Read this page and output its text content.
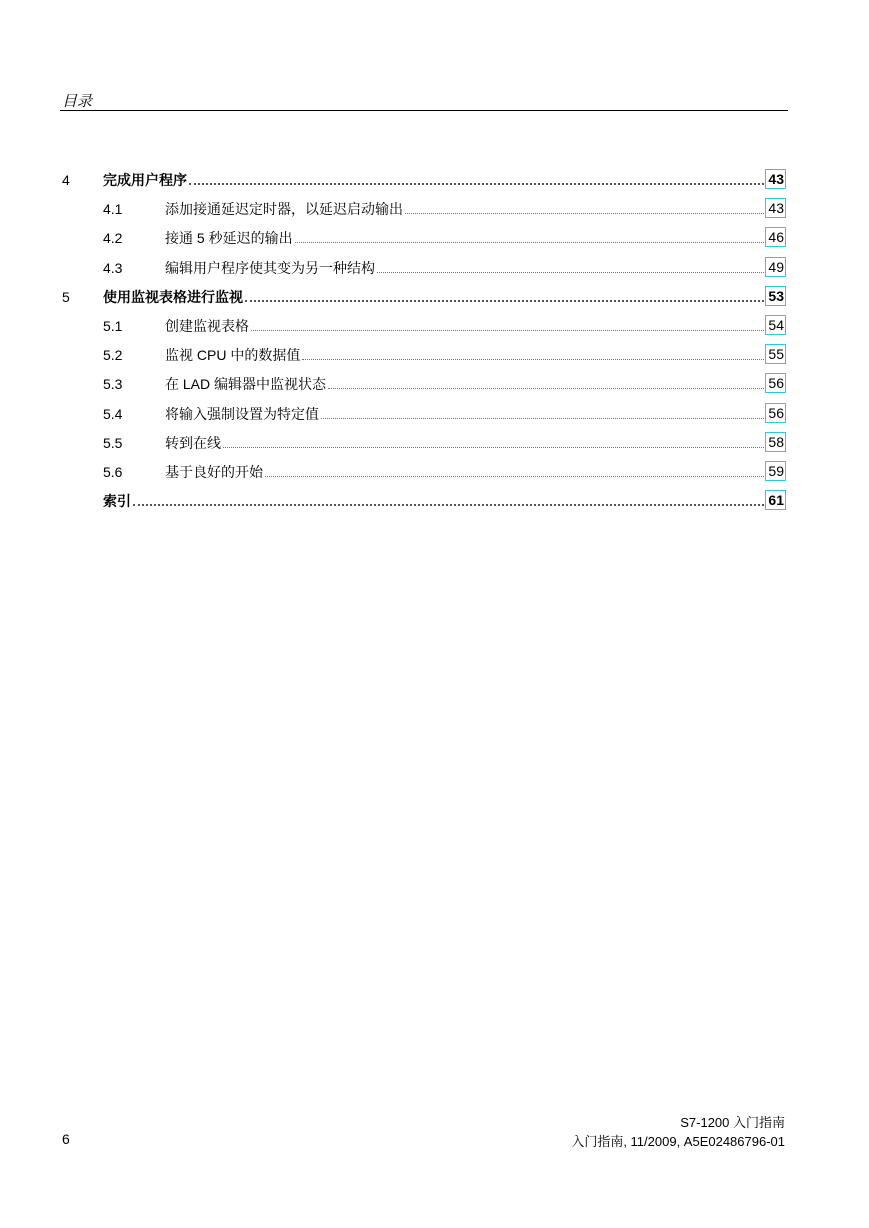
目录
4	完成用户程序	43
4.1	添加接通延迟定时器，以延迟启动输出	43
4.2	接通 5 秒延迟的输出	46
4.3	编辑用户程序使其变为另一种结构	49
5	使用监视表格进行监视	53
5.1	创建监视表格	54
5.2	监视 CPU 中的数据值	55
5.3	在 LAD 编辑器中监视状态	56
5.4	将输入强制设置为特定值	56
5.5	转到在线	58
5.6	基于良好的开始	59
索引	61
6
S7-1200 入门指南
入门指南, 11/2009, A5E02486796-01
